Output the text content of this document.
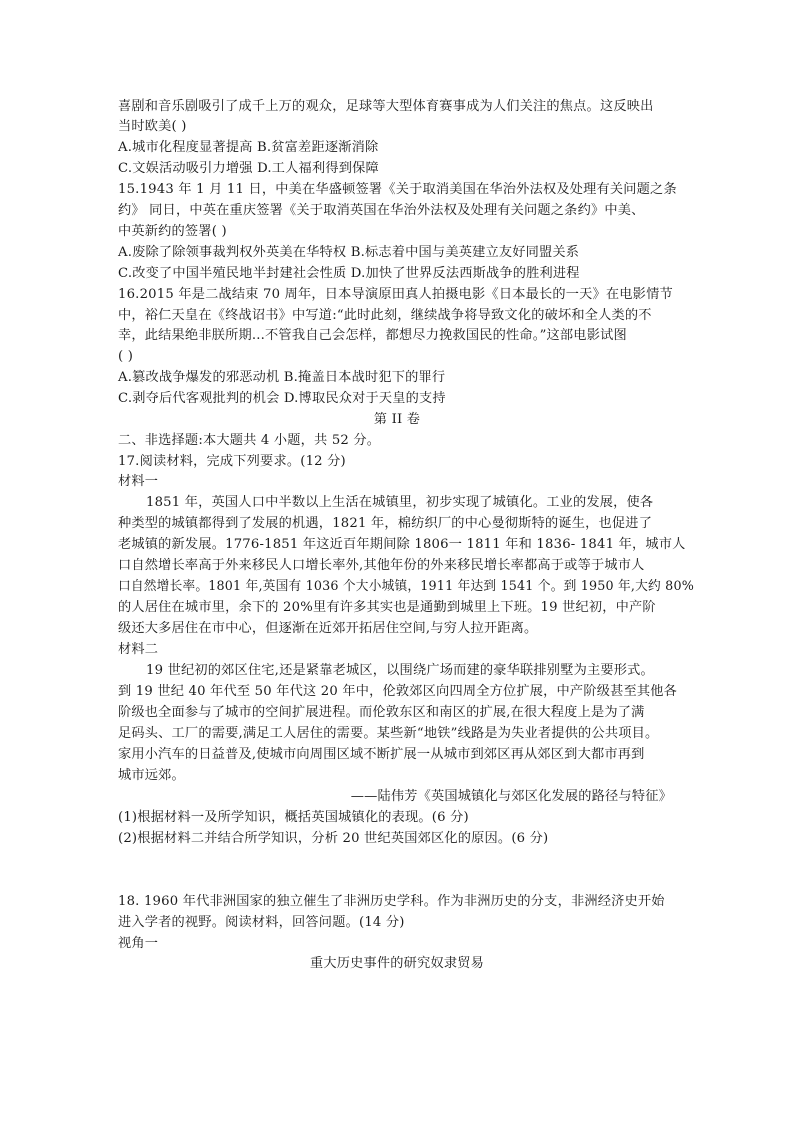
喜剧和音乐剧吸引了成千上万的观众，足球等大型体育赛事成为人们关注的焦点。这反映出
当时欧美( )
A.城市化程度显著提高 B.贫富差距逐渐消除
C.文娱活动吸引力增强 D.工人福利得到保障
15.1943 年 1 月 11 日，中美在华盛顿签署《关于取消美国在华治外法权及处理有关问题之条
约》 同日，中英在重庆签署《关于取消英国在华治外法权及处理有关问题之条约》中美、
中英新约的签署( )
A.废除了除领事裁判权外英美在华特权 B.标志着中国与美英建立友好同盟关系
C.改变了中国半殖民地半封建社会性质 D.加快了世界反法西斯战争的胜利进程
16.2015 年是二战结束 70 周年，日本导演原田真人拍摄电影《日本最长的一天》在电影情节
中，裕仁天皇在《终战诏书》中写道:“此时此刻，继续战争将导致文化的破坏和全人类的不
幸，此结果绝非朕所期...不管我自己会怎样，都想尽力挽救国民的性命。”这部电影试图
( )
A.篡改战争爆发的邪恶动机 B.掩盖日本战时犯下的罪行
C.剥夺后代客观批判的机会 D.博取民众对于天皇的支持
第 II 卷
二、非选择题:本大题共 4 小题，共 52 分。
17.阅读材料，完成下列要求。(12 分)
材料一
1851 年，英国人口中半数以上生活在城镇里，初步实现了城镇化。工业的发展，使各
种类型的城镇都得到了发展的机遇，1821 年，棉纺织厂的中心曼彻斯特的诞生，也促进了
老城镇的新发展。1776-1851 年这近百年期间除 1806一 1811 年和 1836- 1841 年，城市人
口自然增长率高于外来移民人口增长率外,其他年份的外来移民增长率都高于或等于城市人
口自然增长率。1801 年,英国有 1036 个大小城镇，1911 年达到 1541 个。到 1950 年,大约 80%
的人居住在城市里，余下的 20%里有许多其实也是通勤到城里上下班。19 世纪初，中产阶
级还大多居住在市中心，但逐渐在近郊开拓居住空间,与穷人拉开距离。
材料二
19 世纪初的郊区住宅,还是紧靠老城区，以围绕广场而建的豪华联排别墅为主要形式。
到 19 世纪 40 年代至 50 年代这 20 年中，伦敦郊区向四周全方位扩展，中产阶级甚至其他各
阶级也全面参与了城市的空间扩展进程。而伦敦东区和南区的扩展,在很大程度上是为了满
足码头、工厂的需要,满足工人居住的需要。某些新“地铁”线路是为失业者提供的公共项目。
家用小汽车的日益普及,使城市向周围区域不断扩展一从城市到郊区再从郊区到大都市再到
城市远郊。
——陆伟芳《英国城镇化与郊区化发展的路径与特征》
(1)根据材料一及所学知识，概括英国城镇化的表现。(6 分)
(2)根据材料二并结合所学知识，分析 20 世纪英国郊区化的原因。(6 分)
18. 1960 年代非洲国家的独立催生了非洲历史学科。作为非洲历史的分支，非洲经济史开始
进入学者的视野。阅读材料，回答问题。(14 分)
视角一
重大历史事件的研究奴隶贸易
